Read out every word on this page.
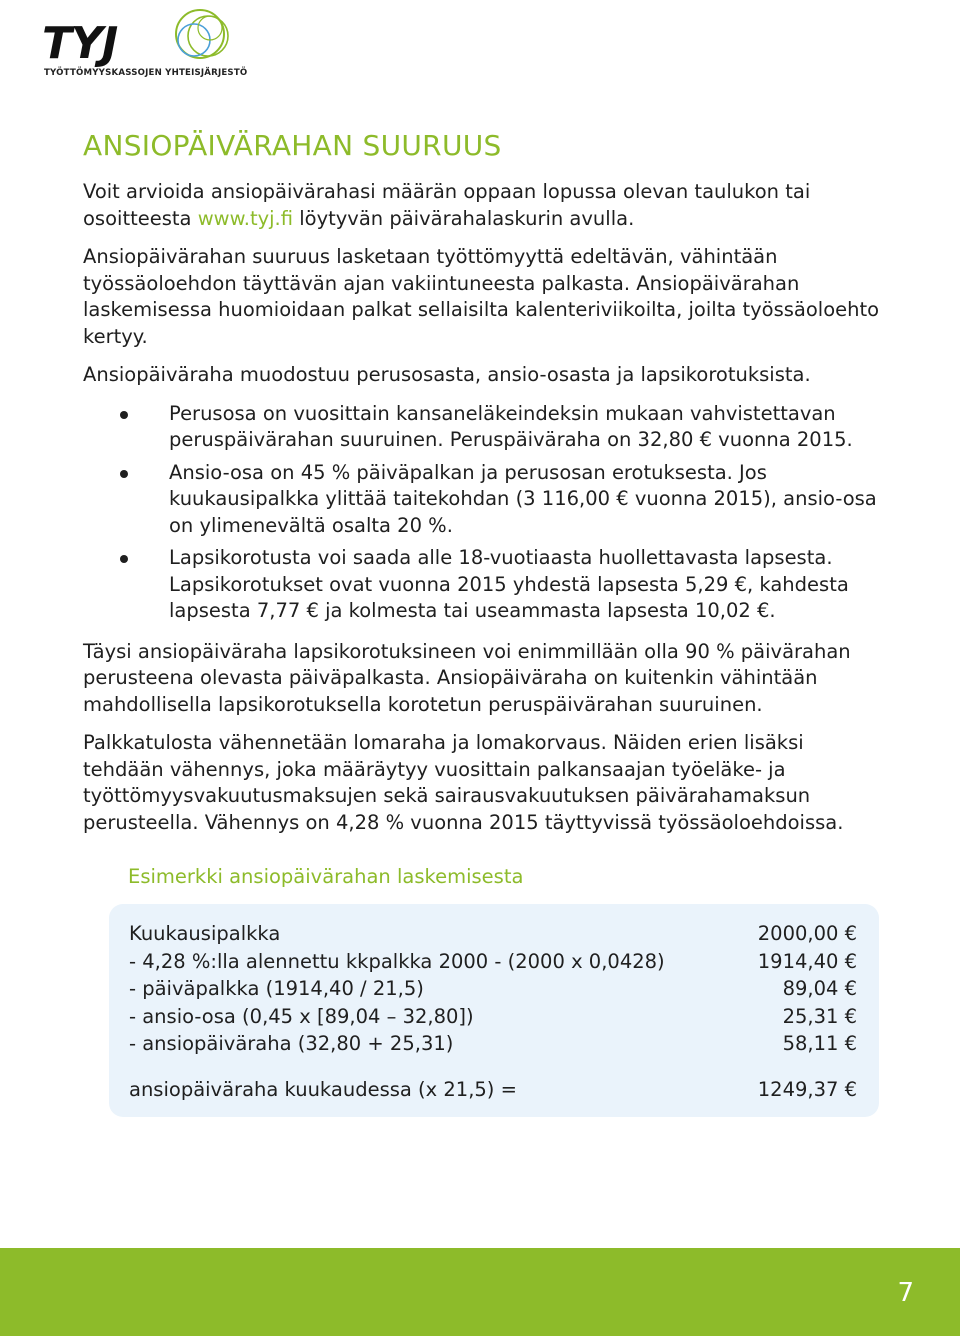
TYJ
TYÖTTÖMYYSKASSOJEN YHTEISJÄRJESTÖ
ANSIOPÄIVÄRAHAN SUURUUS

Voit arvioida ansiopäivärahasi määrän oppaan lopussa olevan taulukon tai osoitteesta www.tyj.fi löytyvän päivärahalaskurin avulla.

Ansiopäivärahan suuruus lasketaan työttömyyttä edeltävän, vähintään työssäoloehdon täyttävän ajan vakiintuneesta palkasta. Ansiopäivärahan laskemisessa huomioidaan palkat sellaisilta kalenteriviikoilta, joilta työssäoloehto kertyy.

Ansiopäiväraha muodostuu perusosasta, ansio-osasta ja lapsikorotuksista.

Perusosa on vuosittain kansaneläkeindeksin mukaan vahvistettavan peruspäivärahan suuruinen. Peruspäiväraha on 32,80 € vuonna 2015.
Ansio-osa on 45 % päiväpalkan ja perusosan erotuksesta. Jos kuukausipalkka ylittää taitekohdan (3 116,00 € vuonna 2015), ansio-osa on ylimenevältä osalta 20 %.
Lapsikorotusta voi saada alle 18-vuotiaasta huollettavasta lapsesta. Lapsikorotukset ovat vuonna 2015 yhdestä lapsesta 5,29 €, kahdesta lapsesta 7,77 € ja kolmesta tai useammasta lapsesta 10,02 €.

Täysi ansiopäiväraha lapsikorotuksineen voi enimmillään olla 90 % päivärahan perusteena olevasta päiväpalkasta. Ansiopäiväraha on kuitenkin vähintään mahdollisella lapsikorotuksella korotetun peruspäivärahan suuruinen.

Palkkatulosta vähennetään lomaraha ja lomakorvaus. Näiden erien lisäksi tehdään vähennys, joka määräytyy vuosittain palkansaajan työeläke- ja työttömyysvakuutusmaksujen sekä sairausvakuutuksen päivärahamaksun perusteella. Vähennys on 4,28 % vuonna 2015 täyttyvissä työssäoloehdoissa.

Esimerkki ansiopäivärahan laskemisesta
Kuukausipalkka	2000,00 €
- 4,28 %:lla alennettu kkpalkka 2000 - (2000 x 0,0428)	1914,40 €
- päiväpalkka (1914,40 / 21,5)	89,04 €
- ansio-osa (0,45 x [89,04 – 32,80])	25,31 €
- ansiopäiväraha (32,80 + 25,31)	58,11 €
ansiopäiväraha kuukaudessa (x 21,5) =	1249,37 €
7
